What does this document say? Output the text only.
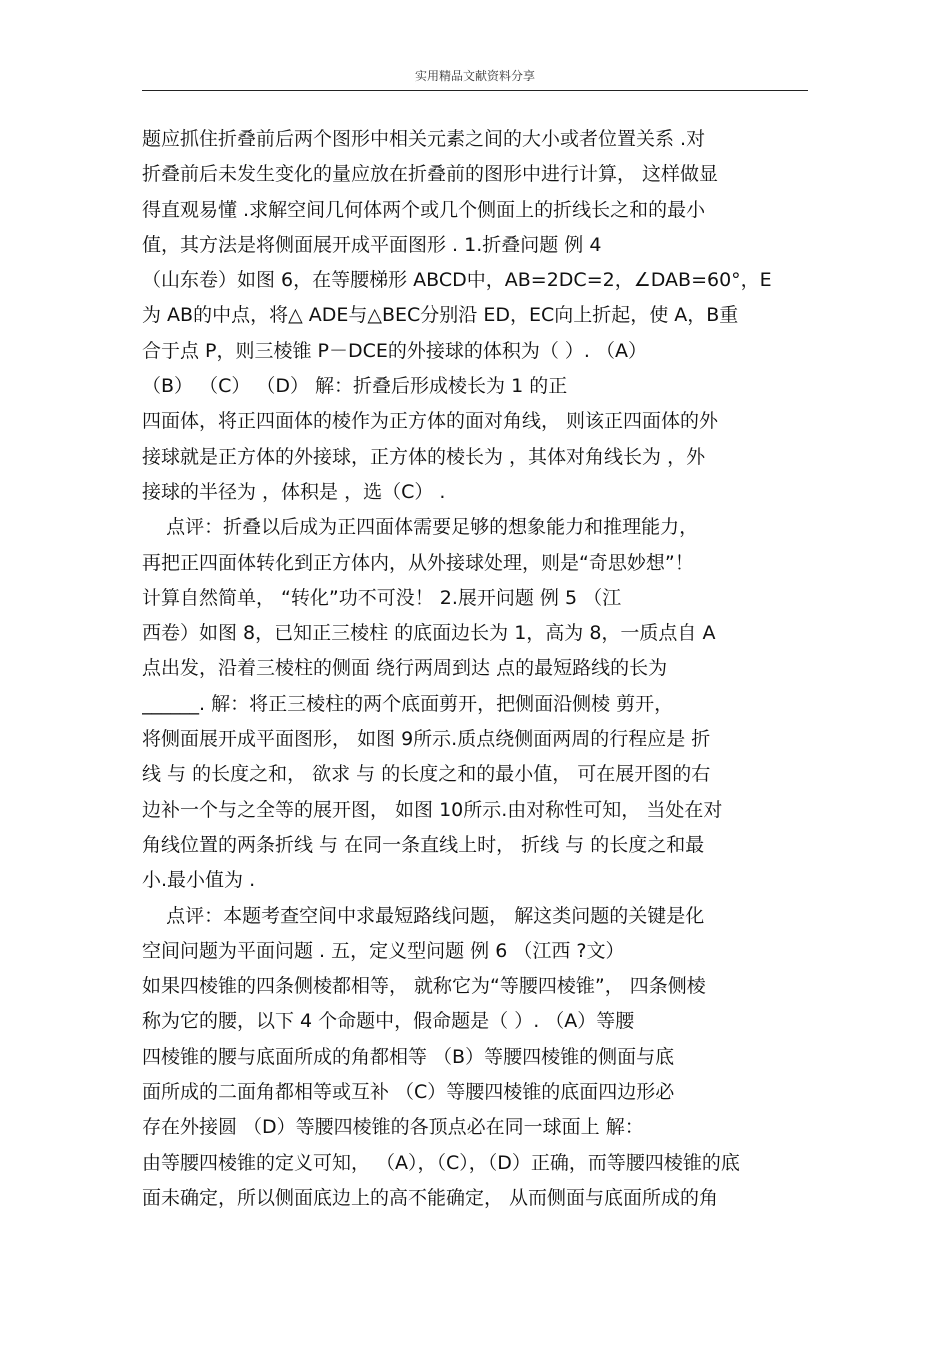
实用精品文献资料分享
题应抓住折叠前后两个图形中相关元素之间的大小或者位置关系 .对
折叠前后未发生变化的量应放在折叠前的图形中进行计算， 这样做显
得直观易懂 .求解空间几何体两个或几个侧面上的折线长之和的最小
值，其方法是将侧面展开成平面图形 . 1.折叠问题 例 4
（山东卷）如图 6，在等腰梯形 ABCD中，AB=2DC=2，∠DAB=60°，E
为 AB的中点，将△ ADE与△BEC分别沿 ED，EC向上折起，使 A，B重
合于点 P，则三棱锥 P－DCE的外接球的体积为（ ）. （A）
（B） （C） （D） 解：折叠后形成棱长为 1 的正
四面体，将正四面体的棱作为正方体的面对角线， 则该正四面体的外
接球就是正方体的外接球，正方体的棱长为 ，其体对角线长为 ，外
接球的半径为 ，体积是 ，选（C） .
点评：折叠以后成为正四面体需要足够的想象能力和推理能力，
再把正四面体转化到正方体内，从外接球处理，则是“奇思妙想”！
计算自然简单， “转化”功不可没！ 2.展开问题 例 5 （江
西卷）如图 8，已知正三棱柱 的底面边长为 1，高为 8，一质点自 A
点出发，沿着三棱柱的侧面 绕行两周到达 点的最短路线的长为
______. 解：将正三棱柱的两个底面剪开，把侧面沿侧棱 剪开，
将侧面展开成平面图形， 如图 9所示.质点绕侧面两周的行程应是 折
线 与 的长度之和， 欲求 与 的长度之和的最小值， 可在展开图的右
边补一个与之全等的展开图， 如图 10所示.由对称性可知， 当处在对
角线位置的两条折线 与 在同一条直线上时， 折线 与 的长度之和最
小.最小值为 .
点评：本题考查空间中求最短路线问题， 解这类问题的关键是化
空间问题为平面问题 . 五，定义型问题 例 6 （江西 ?文）
如果四棱锥的四条侧棱都相等， 就称它为“等腰四棱锥”， 四条侧棱
称为它的腰，以下 4 个命题中，假命题是（ ）. （A）等腰
四棱锥的腰与底面所成的角都相等 （B）等腰四棱锥的侧面与底
面所成的二面角都相等或互补 （C）等腰四棱锥的底面四边形必
存在外接圆 （D）等腰四棱锥的各顶点必在同一球面上 解：
由等腰四棱锥的定义可知， （A），（C），（D）正确，而等腰四棱锥的底
面未确定，所以侧面底边上的高不能确定， 从而侧面与底面所成的角
